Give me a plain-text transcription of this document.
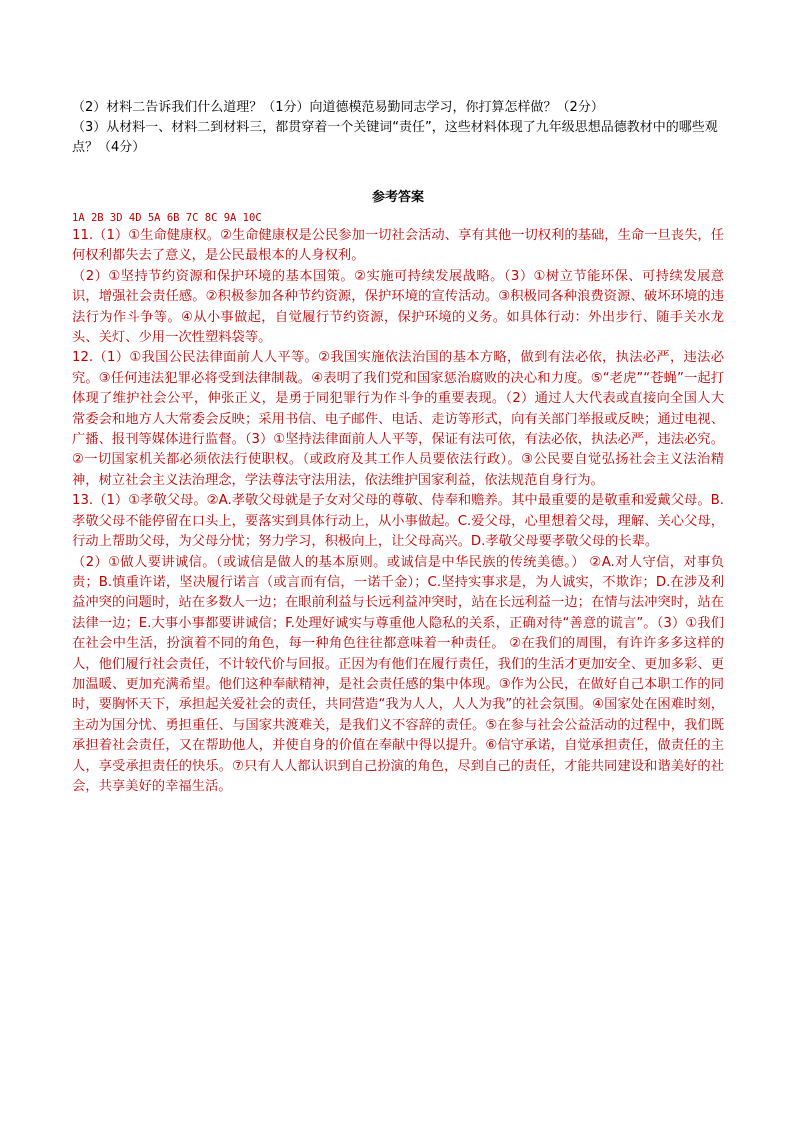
（2）材料二告诉我们什么道理？（1分）向道德模范易勤同志学习，你打算怎样做？（2分）

（3）从材料一、材料二到材料三，都贯穿着一个关键词“责任”，这些材料体现了九年级思想品德教材中的哪些观点？（4分）

参考答案

1A 2B 3D 4D 5A 6B 7C 8C 9A 10C

11.（1）①生命健康权。②生命健康权是公民参加一切社会活动、享有其他一切权利的基础，生命一旦丧失，任何权利都失去了意义，是公民最根本的人身权利。

（2）①坚持节约资源和保护环境的基本国策。②实施可持续发展战略。（3）①树立节能环保、可持续发展意识，增强社会责任感。②积极参加各种节约资源，保护环境的宣传活动。③积极同各种浪费资源、破坏环境的违法行为作斗争等。④从小事做起，自觉履行节约资源，保护环境的义务。如具体行动：外出步行、随手关水龙头、关灯、少用一次性塑料袋等。

12.（1）①我国公民法律面前人人平等。②我国实施依法治国的基本方略，做到有法必依，执法必严，违法必究。③任何违法犯罪必将受到法律制裁。④表明了我们党和国家惩治腐败的决心和力度。⑤“老虎”“苍蝇”一起打体现了维护社会公平，伸张正义，是勇于同犯罪行为作斗争的重要表现。（2）通过人大代表或直接向全国人大常委会和地方人大常委会反映；采用书信、电子邮件、电话、走访等形式，向有关部门举报或反映；通过电视、广播、报刊等媒体进行监督。（3）①坚持法律面前人人平等，保证有法可依，有法必依，执法必严，违法必究。②一切国家机关都必须依法行使职权。（或政府及其工作人员要依法行政）。③公民要自觉弘扬社会主义法治精神，树立社会主义法治理念，学法尊法守法用法，依法维护国家利益，依法规范自身行为。

13.（1）①孝敬父母。②A.孝敬父母就是子女对父母的尊敬、侍奉和赡养。其中最重要的是敬重和爱戴父母。B.孝敬父母不能停留在口头上，要落实到具体行动上，从小事做起。C.爱父母，心里想着父母，理解、关心父母，行动上帮助父母，为父母分忧；努力学习，积极向上，让父母高兴。D.孝敬父母要孝敬父母的长辈。

（2）①做人要讲诚信。（或诚信是做人的基本原则。或诚信是中华民族的传统美德。） ②A.对人守信，对事负责；B.慎重许诺，坚决履行诺言（或言而有信，一诺千金）；C.坚持实事求是，为人诚实，不欺诈；D.在涉及利益冲突的问题时，站在多数人一边；在眼前利益与长远利益冲突时，站在长远利益一边；在情与法冲突时，站在法律一边；E.大事小事都要讲诚信；F.处理好诚实与尊重他人隐私的关系，正确对待“善意的谎言”。（3）①我们在社会中生活，扮演着不同的角色，每一种角色往往都意味着一种责任。 ②在我们的周围，有许许多多这样的人，他们履行社会责任，不计较代价与回报。正因为有他们在履行责任，我们的生活才更加安全、更加多彩、更加温暖、更加充满希望。他们这种奉献精神，是社会责任感的集中体现。③作为公民，在做好自己本职工作的同时，要胸怀天下，承担起关爱社会的责任，共同营造“我为人人，人人为我”的社会氛围。④国家处在困难时刻，主动为国分忧、勇担重任、与国家共渡难关，是我们义不容辞的责任。⑤在参与社会公益活动的过程中，我们既承担着社会责任，又在帮助他人，并使自身的价值在奉献中得以提升。⑥信守承诺，自觉承担责任，做责任的主人，享受承担责任的快乐。⑦只有人人都认识到自己扮演的角色，尽到自己的责任，才能共同建设和谐美好的社会，共享美好的幸福生活。
